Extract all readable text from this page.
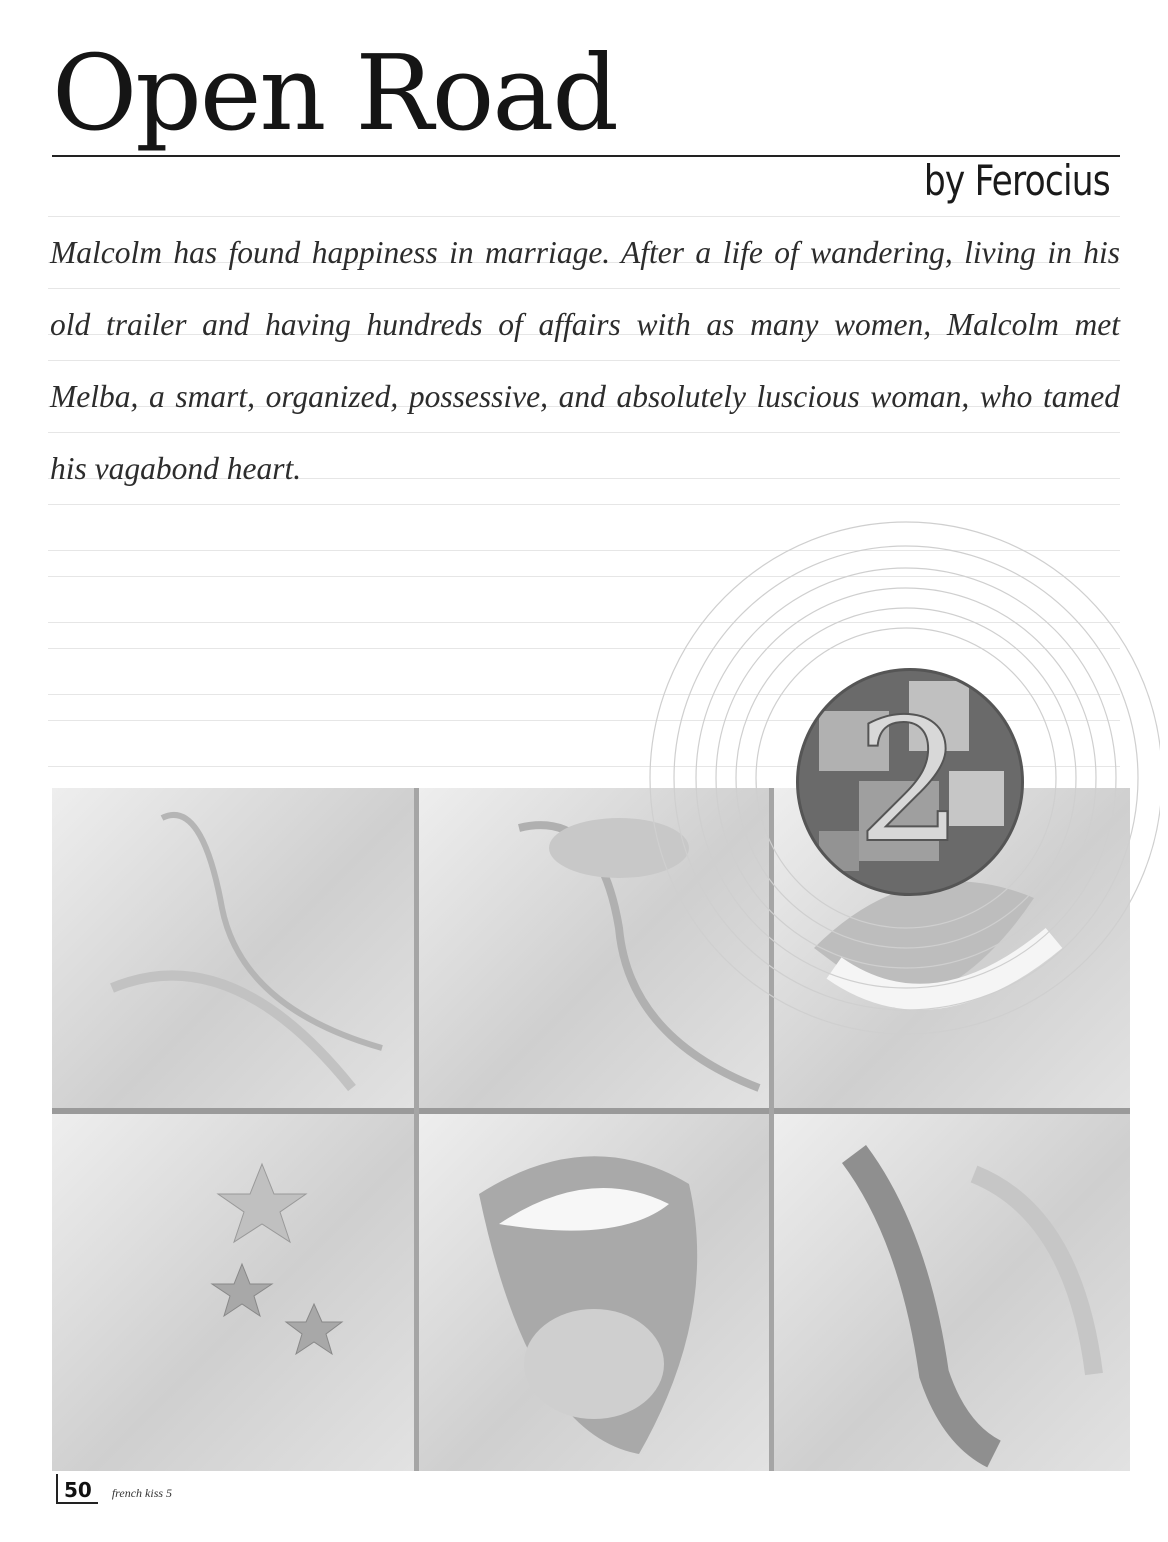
Open Road
by Ferocius

Malcolm has found happiness in marriage. After a life of wandering, living in his old trailer and having hundreds of affairs with as many women, Malcolm met Melba, a smart, organized, possessive, and absolutely luscious woman, who tamed his vagabond heart.

2
50	french kiss 5
